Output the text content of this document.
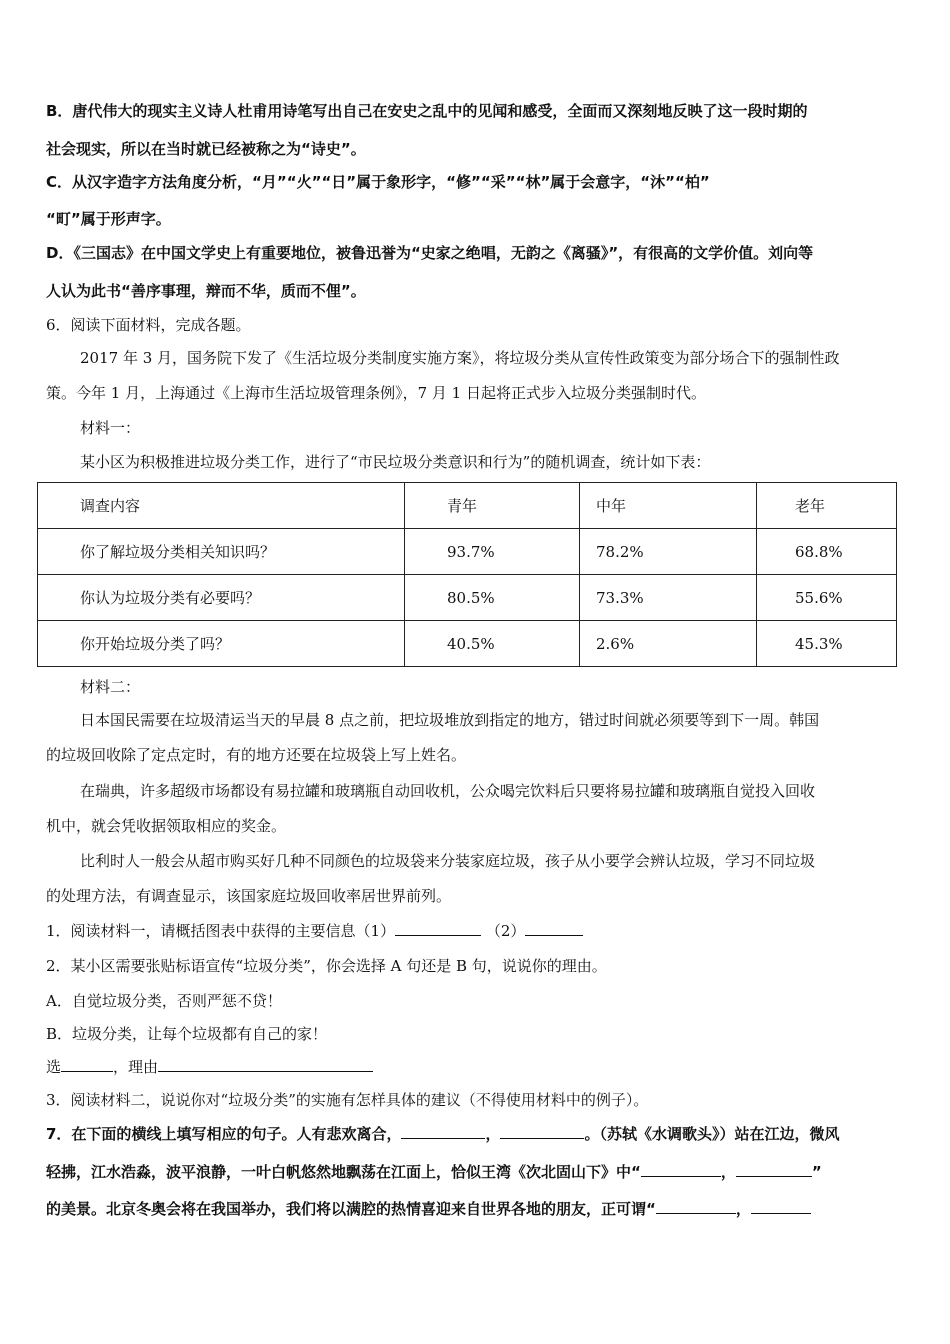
B．唐代伟大的现实主义诗人杜甫用诗笔写出自己在安史之乱中的见闻和感受，全面而又深刻地反映了这一段时期的
社会现实，所以在当时就已经被称之为“诗史”。
C．从汉字造字方法角度分析，“月”“火”“日”属于象形字，“修”“采”“林”属于会意字，“沐”“柏”
“町”属于形声字。
D．《三国志》在中国文学史上有重要地位，被鲁迅誉为“史家之绝唱，无韵之《离骚》”，有很高的文学价值。刘向等
人认为此书“善序事理，辩而不华，质而不俚”。
6．阅读下面材料，完成各题。
2017 年 3 月，国务院下发了《生活垃圾分类制度实施方案》，将垃圾分类从宣传性政策变为部分场合下的强制性政
策。今年 1 月，上海通过《上海市生活垃圾管理条例》，7 月 1 日起将正式步入垃圾分类强制时代。
材料一：
某小区为积极推进垃圾分类工作，进行了“市民垃圾分类意识和行为”的随机调查，统计如下表：
调查内容	青年	中年	老年
你了解垃圾分类相关知识吗？	93.7%	78.2%	68.8%
你认为垃圾分类有必要吗？	80.5%	73.3%	55.6%
你开始垃圾分类了吗？	40.5%	2.6%	45.3%
材料二：
日本国民需要在垃圾清运当天的早晨 8 点之前，把垃圾堆放到指定的地方，错过时间就必须要等到下一周。韩国
的垃圾回收除了定点定时，有的地方还要在垃圾袋上写上姓名。
在瑞典，许多超级市场都设有易拉罐和玻璃瓶自动回收机，公众喝完饮料后只要将易拉罐和玻璃瓶自觉投入回收
机中，就会凭收据领取相应的奖金。
比利时人一般会从超市购买好几种不同颜色的垃圾袋来分装家庭垃圾，孩子从小要学会辨认垃圾，学习不同垃圾
的处理方法，有调查显示，该国家庭垃圾回收率居世界前列。
1．阅读材料一，请概括图表中获得的主要信息（1）	（2）
2．某小区需要张贴标语宣传“垃圾分类”，你会选择 A 句还是 B 句，说说你的理由。
A．自觉垃圾分类，否则严惩不贷！
B．垃圾分类，让每个垃圾都有自己的家！
选	，理由
3．阅读材料二，说说你对“垃圾分类”的实施有怎样具体的建议（不得使用材料中的例子）。
7．在下面的横线上填写相应的句子。人有悲欢离合，	，	。（苏轼《水调歌头》）站在江边，微风
轻拂，江水浩淼，波平浪静，一叶白帆悠然地飘荡在江面上，恰似王湾《次北固山下》中“	，	”
的美景。北京冬奥会将在我国举办，我们将以满腔的热情喜迎来自世界各地的朋友，正可谓“	，
